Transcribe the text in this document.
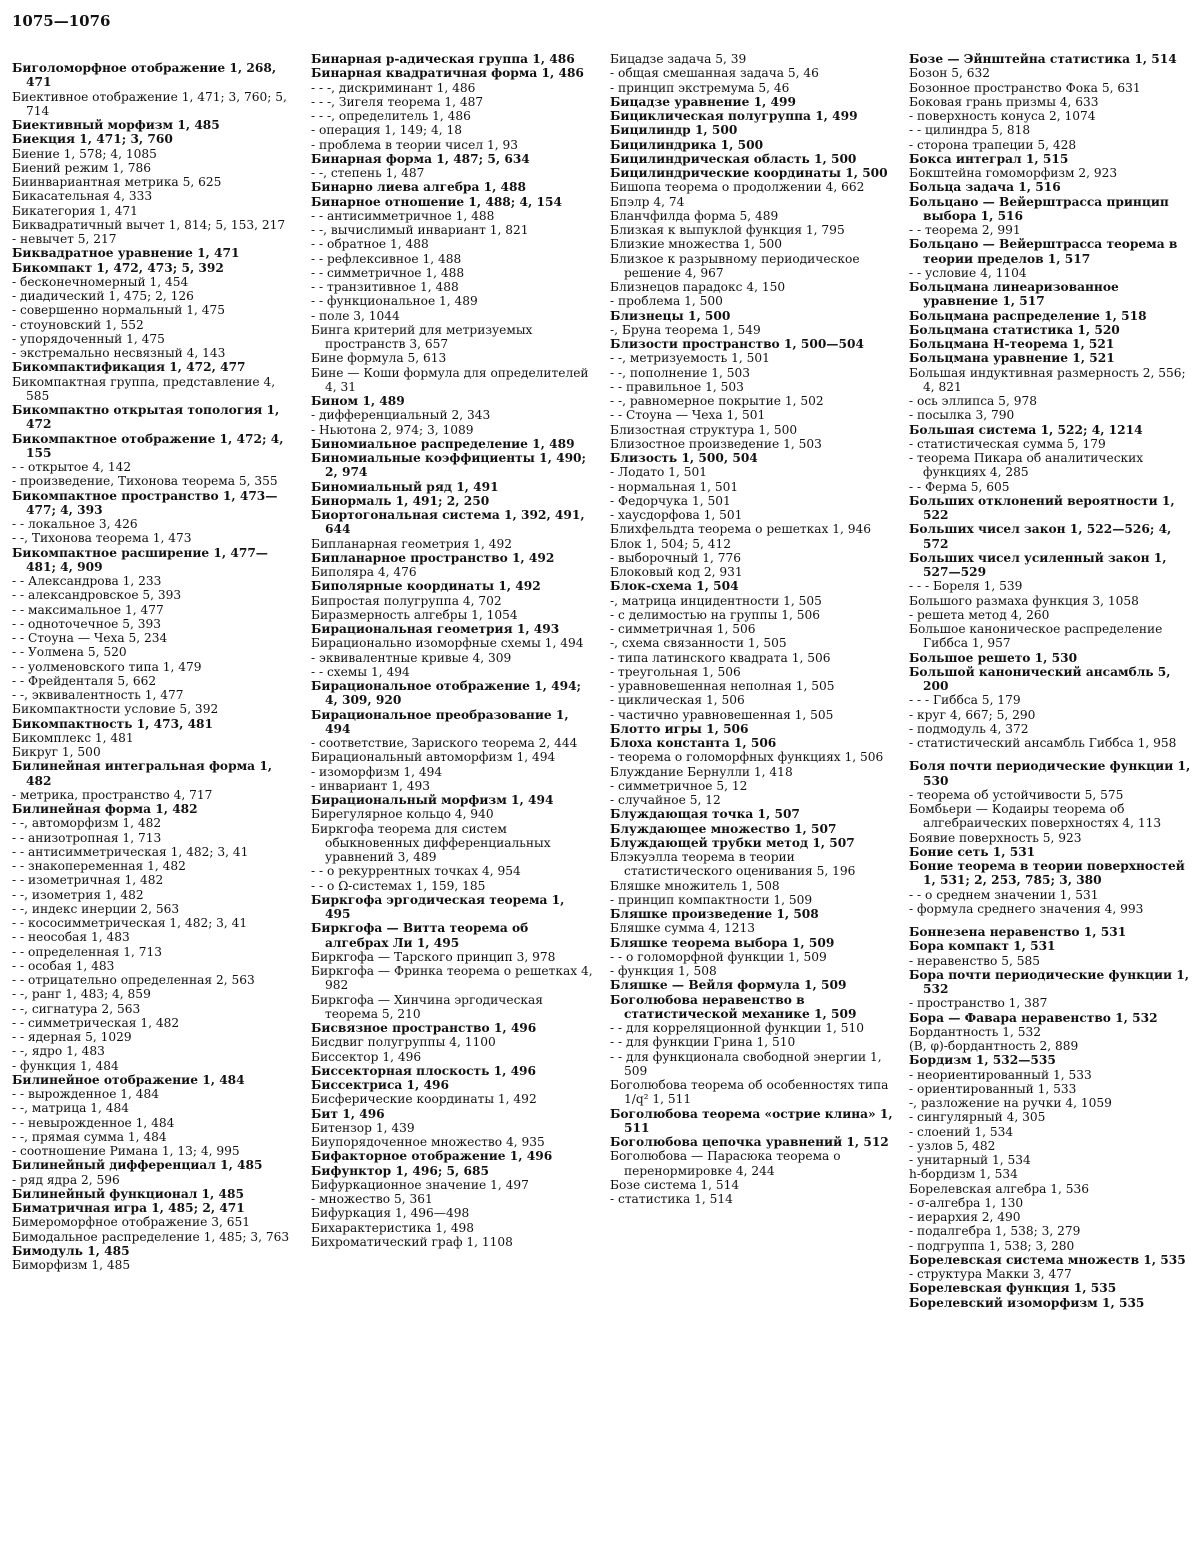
1075—1076
Биголоморфное отображение 1, 268, 471
Биективное отображение 1, 471; 3, 760; 5, 714
Биективный морфизм 1, 485
Биекция 1, 471; 3, 760
Биение 1, 578; 4, 1085
Биений режим 1, 786
Биинвариантная метрика 5, 625
Бикасательная 4, 333
Бикатегория 1, 471
Биквадратичный вычет 1, 814; 5, 153, 217
- невычет 5, 217
Биквадратное уравнение 1, 471
Бикомпакт 1, 472, 473; 5, 392
- бесконечномерный 1, 454
- диадический 1, 475; 2, 126
- совершенно нормальный 1, 475
- стоуновский 1, 552
- упорядоченный 1, 475
- экстремально несвязный 4, 143
Бикомпактификация 1, 472, 477
Бикомпактная группа, представление 4, 585
Бикомпактно открытая топология 1, 472
Бикомпактное отображение 1, 472; 4, 155
- - открытое 4, 142
- произведение, Тихонова теорема 5, 355
Бикомпактное пространство 1, 473—477; 4, 393
- - локальное 3, 426
- -, Тихонова теорема 1, 473
Бикомпактное расширение 1, 477—481; 4, 909
- - Александрова 1, 233
- - александровское 5, 393
- - максимальное 1, 477
- - одноточечное 5, 393
- - Стоуна — Чеха 5, 234
- - Уолмена 5, 520
- - уолменовского типа 1, 479
- - Фрейденталя 5, 662
- -, эквивалентность 1, 477
Бикомпактности условие 5, 392
Бикомпактность 1, 473, 481
Бикомплекс 1, 481
Бикруг 1, 500
Билинейная интегральная форма 1, 482
- метрика, пространство 4, 717
Билинейная форма 1, 482
- -, автоморфизм 1, 482
- - анизотропная 1, 713
- - антисимметрическая 1, 482; 3, 41
- - знакопеременная 1, 482
- - изометричная 1, 482
- -, изометрия 1, 482
- -, индекс инерции 2, 563
- - кососимметрическая 1, 482; 3, 41
- - неособая 1, 483
- - определенная 1, 713
- - особая 1, 483
- - отрицательно определенная 2, 563
- -, ранг 1, 483; 4, 859
- -, сигнатура 2, 563
- - симметрическая 1, 482
- - ядерная 5, 1029
- -, ядро 1, 483
- функция 1, 484
Билинейное отображение 1, 484
- - вырожденное 1, 484
- -, матрица 1, 484
- - невырожденное 1, 484
- -, прямая сумма 1, 484
- соотношение Римана 1, 13; 4, 995
Билинейный дифференциал 1, 485
- ряд ядра 2, 596
Билинейный функционал 1, 485
Биматричная игра 1, 485; 2, 471
Бимероморфное отображение 3, 651
Бимодальное распределение 1, 485; 3, 763
Бимодуль 1, 485
Биморфизм 1, 485
Бинарная p-адическая группа 1, 486
Бинарная квадратичная форма 1, 486
- - -, дискриминант 1, 486
- - -, Зигеля теорема 1, 487
- - -, определитель 1, 486
- операция 1, 149; 4, 18
- проблема в теории чисел 1, 93
Бинарная форма 1, 487; 5, 634
- -, степень 1, 487
Бинарно лиева алгебра 1, 488
Бинарное отношение 1, 488; 4, 154
- - антисимметричное 1, 488
- -, вычислимый инвариант 1, 821
- - обратное 1, 488
- - рефлексивное 1, 488
- - симметричное 1, 488
- - транзитивное 1, 488
- - функциональное 1, 489
- поле 3, 1044
Бинга критерий для метризуемых пространств 3, 657
Бине формула 5, 613
Бине — Коши формула для определителей 4, 31
Бином 1, 489
- дифференциальный 2, 343
- Ньютона 2, 974; 3, 1089
Биномиальное распределение 1, 489
Биномиальные коэффициенты 1, 490; 2, 974
Биномиальный ряд 1, 491
Бинормаль 1, 491; 2, 250
Биортогональная система 1, 392, 491, 644
Бипланарная геометрия 1, 492
Бипланарное пространство 1, 492
Биполяра 4, 476
Биполярные координаты 1, 492
Бипростая полугруппа 4, 702
Биразмерность алгебры 1, 1054
Бирациональная геометрия 1, 493
Бирационально изоморфные схемы 1, 494
- эквивалентные кривые 4, 309
- - схемы 1, 494
Бирациональное отображение 1, 494; 4, 309, 920
Бирациональное преобразование 1, 494
- соответствие, Зариского теорема 2, 444
Бирациональный автоморфизм 1, 494
- изоморфизм 1, 494
- инвариант 1, 493
Бирациональный морфизм 1, 494
Бирегулярное кольцо 4, 940
Биркгофа теорема для систем обыкновенных дифференциальных уравнений 3, 489
- - о рекуррентных точках 4, 954
- - о Ω-системах 1, 159, 185
Биркгофа эргодическая теорема 1, 495
Биркгофа — Витта теорема об алгебрах Ли 1, 495
Биркгофа — Тарского принцип 3, 978
Биркгофа — Фринка теорема о решетках 4, 982
Биркгофа — Хинчина эргодическая теорема 5, 210
Бисвязное пространство 1, 496
Бисдвиг полугруппы 4, 1100
Биссектор 1, 496
Биссекторная плоскость 1, 496
Биссектриса 1, 496
Бисферические координаты 1, 492
Бит 1, 496
Битензор 1, 439
Биупорядоченное множество 4, 935
Бифакторное отображение 1, 496
Бифунктор 1, 496; 5, 685
Бифуркационное значение 1, 497
- множество 5, 361
Бифуркация 1, 496—498
Бихарактеристика 1, 498
Бихроматический граф 1, 1108
Бицадзе задача 5, 39
- общая смешанная задача 5, 46
- принцип экстремума 5, 46
Бицадзе уравнение 1, 499
Бициклическая полугруппа 1, 499
Бицилиндр 1, 500
Бицилиндрика 1, 500
Бицилиндрическая область 1, 500
Бицилиндрические координаты 1, 500
Бишопа теорема о продолжении 4, 662
Бпэлр 4, 74
Бланчфилда форма 5, 489
Близкая к выпуклой функция 1, 795
Близкие множества 1, 500
Близкое к разрывному периодическое решение 4, 967
Близнецов парадокс 4, 150
- проблема 1, 500
Близнецы 1, 500
-, Бруна теорема 1, 549
Близости пространство 1, 500—504
- -, метризуемость 1, 501
- -, пополнение 1, 503
- - правильное 1, 503
- -, равномерное покрытие 1, 502
- - Стоуна — Чеха 1, 501
Близостная структура 1, 500
Близостное произведение 1, 503
Близость 1, 500, 504
- Лодато 1, 501
- нормальная 1, 501
- Федорчука 1, 501
- хаусдорфова 1, 501
Блихфельдта теорема о решетках 1, 946
Блок 1, 504; 5, 412
- выборочный 1, 776
Блоковый код 2, 931
Блок-схема 1, 504
-, матрица инцидентности 1, 505
- с делимостью на группы 1, 506
- симметричная 1, 506
-, схема связанности 1, 505
- типа латинского квадрата 1, 506
- треугольная 1, 506
- уравновешенная неполная 1, 505
- циклическая 1, 506
- частично уравновешенная 1, 505
Блотто игры 1, 506
Блоха константа 1, 506
- теорема о голоморфных функциях 1, 506
Блуждание Бернулли 1, 418
- симметричное 5, 12
- случайное 5, 12
Блуждающая точка 1, 507
Блуждающее множество 1, 507
Блуждающей трубки метод 1, 507
Блэкуэлла теорема в теории статистического оценивания 5, 196
Бляшке множитель 1, 508
- принцип компактности 1, 509
Бляшке произведение 1, 508
Бляшке сумма 4, 1213
Бляшке теорема выбора 1, 509
- - о голоморфной функции 1, 509
- функция 1, 508
Бляшке — Вейля формула 1, 509
Боголюбова неравенство в статистической механике 1, 509
- - для корреляционной функции 1, 510
- - для функции Грина 1, 510
- - для функционала свободной энергии 1, 509
Боголюбова теорема об особенностях типа 1/q² 1, 511
Боголюбова теорема «острие клина» 1, 511
Боголюбова цепочка уравнений 1, 512
Боголюбова — Парасюка теорема о перенормировке 4, 244
Бозе система 1, 514
- статистика 1, 514
Бозе — Эйнштейна статистика 1, 514
Бозон 5, 632
Бозонное пространство Фока 5, 631
Боковая грань призмы 4, 633
- поверхность конуса 2, 1074
- - цилиндра 5, 818
- сторона трапеции 5, 428
Бокса интеграл 1, 515
Бокштейна гомоморфизм 2, 923
Больца задача 1, 516
Больцано — Вейерштрасса принцип выбора 1, 516
- - теорема 2, 991
Больцано — Вейерштрасса теорема в теории пределов 1, 517
- - условие 4, 1104
Больцмана линеаризованное уравнение 1, 517
Больцмана распределение 1, 518
Больцмана статистика 1, 520
Больцмана H-теорема 1, 521
Больцмана уравнение 1, 521
Большая индуктивная размерность 2, 556; 4, 821
- ось эллипса 5, 978
- посылка 3, 790
Большая система 1, 522; 4, 1214
- статистическая сумма 5, 179
- теорема Пикара об аналитических функциях 4, 285
- - Ферма 5, 605
Больших отклонений вероятности 1, 522
Больших чисел закон 1, 522—526; 4, 572
Больших чисел усиленный закон 1, 527—529
- - - Бореля 1, 539
Большого размаха функция 3, 1058
- решета метод 4, 260
Большое каноническое распределение Гиббса 1, 957
Большое решето 1, 530
Большой канонический ансамбль 5, 200
- - - Гиббса 5, 179
- круг 4, 667; 5, 290
- подмодуль 4, 372
- статистический ансамбль Гиббса 1, 958
Боля почти периодические функции 1, 530
- теорема об устойчивости 5, 575
Бомбьери — Кодаиры теорема об алгебраических поверхностях 4, 113
Боявие поверхность 5, 923
Боние сеть 1, 531
Боние теорема в теории поверхностей 1, 531; 2, 253, 785; 3, 380
- - о среднем значении 1, 531
- формула среднего значения 4, 993
Боннезена неравенство 1, 531
Бора компакт 1, 531
- неравенство 5, 585
Бора почти периодические функции 1, 532
- пространство 1, 387
Бора — Фавара неравенство 1, 532
Бордантность 1, 532
(B, φ)-бордантность 2, 889
Бордизм 1, 532—535
- неориентированный 1, 533
- ориентированный 1, 533
-, разложение на ручки 4, 1059
- сингулярный 4, 305
- слоений 1, 534
- узлов 5, 482
- унитарный 1, 534
h-бордизм 1, 534
Борелевская алгебра 1, 536
- σ-алгебра 1, 130
- иерархия 2, 490
- подалгебра 1, 538; 3, 279
- подгруппа 1, 538; 3, 280
Борелевская система множеств 1, 535
- структура Макки 3, 477
Борелевская функция 1, 535
Борелевский изоморфизм 1, 535
